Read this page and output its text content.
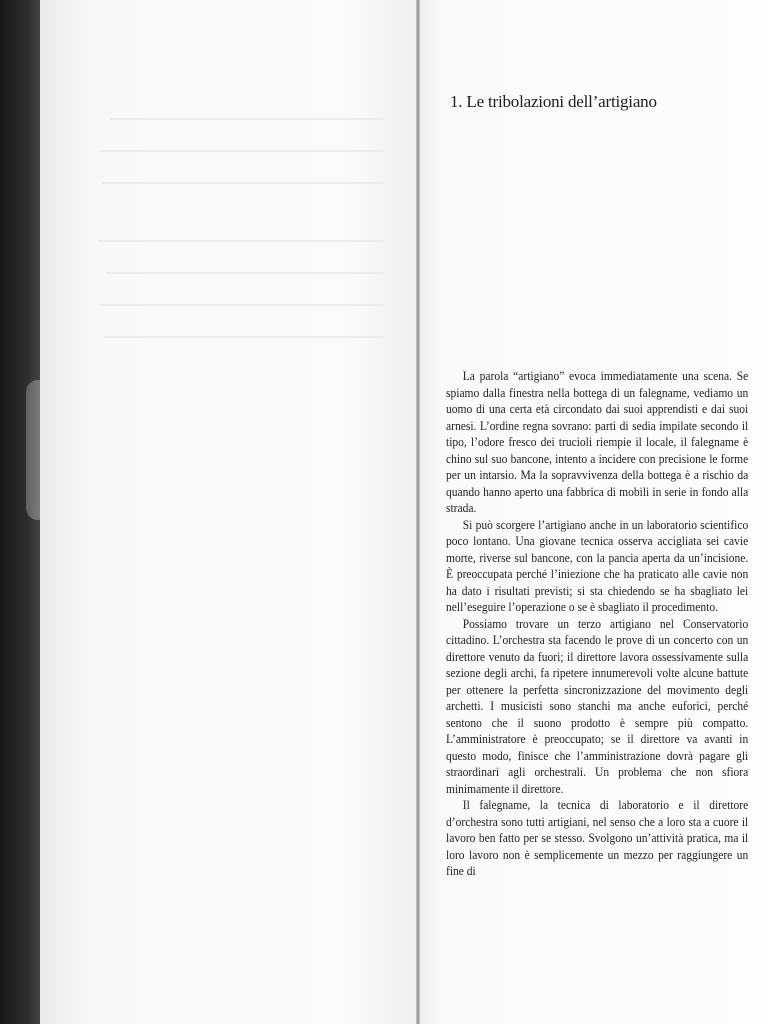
1. Le tribolazioni dell’artigiano

La parola “artigiano” evoca immediatamente una scena. Se spiamo dalla finestra nella bottega di un falegname, vediamo un uomo di una certa età circondato dai suoi apprendisti e dai suoi arnesi. L’ordine regna sovrano: parti di sedia impilate secondo il tipo, l’odore fresco dei trucioli riempie il locale, il falegname è chino sul suo bancone, intento a incidere con precisione le forme per un intarsio. Ma la sopravvivenza della bottega è a rischio da quando hanno aperto una fabbrica di mobili in serie in fondo alla strada.

Si può scorgere l’artigiano anche in un laboratorio scientifico poco lontano. Una giovane tecnica osserva accigliata sei cavie morte, riverse sul bancone, con la pancia aperta da un’incisione. È preoccupata perché l’iniezione che ha praticato alle cavie non ha dato i risultati previsti; si sta chiedendo se ha sbagliato lei nell’eseguire l’operazione o se è sbagliato il procedimento.

Possiamo trovare un terzo artigiano nel Conservatorio cittadino. L’orchestra sta facendo le prove di un concerto con un direttore venuto da fuori; il direttore lavora ossessivamente sulla sezione degli archi, fa ripetere innumerevoli volte alcune battute per ottenere la perfetta sincronizzazione del movimento degli archetti. I musicisti sono stanchi ma anche euforici, perché sentono che il suono prodotto è sempre più compatto. L’amministratore è preoccupato; se il direttore va avanti in questo modo, finisce che l’amministrazione dovrà pagare gli straordinari agli orchestrali. Un problema che non sfiora minimamente il direttore.

Il falegname, la tecnica di laboratorio e il direttore d’orchestra sono tutti artigiani, nel senso che a loro sta a cuore il lavoro ben fatto per se stesso. Svolgono un’attività pratica, ma il loro lavoro non è semplicemente un mezzo per raggiungere un fine di
